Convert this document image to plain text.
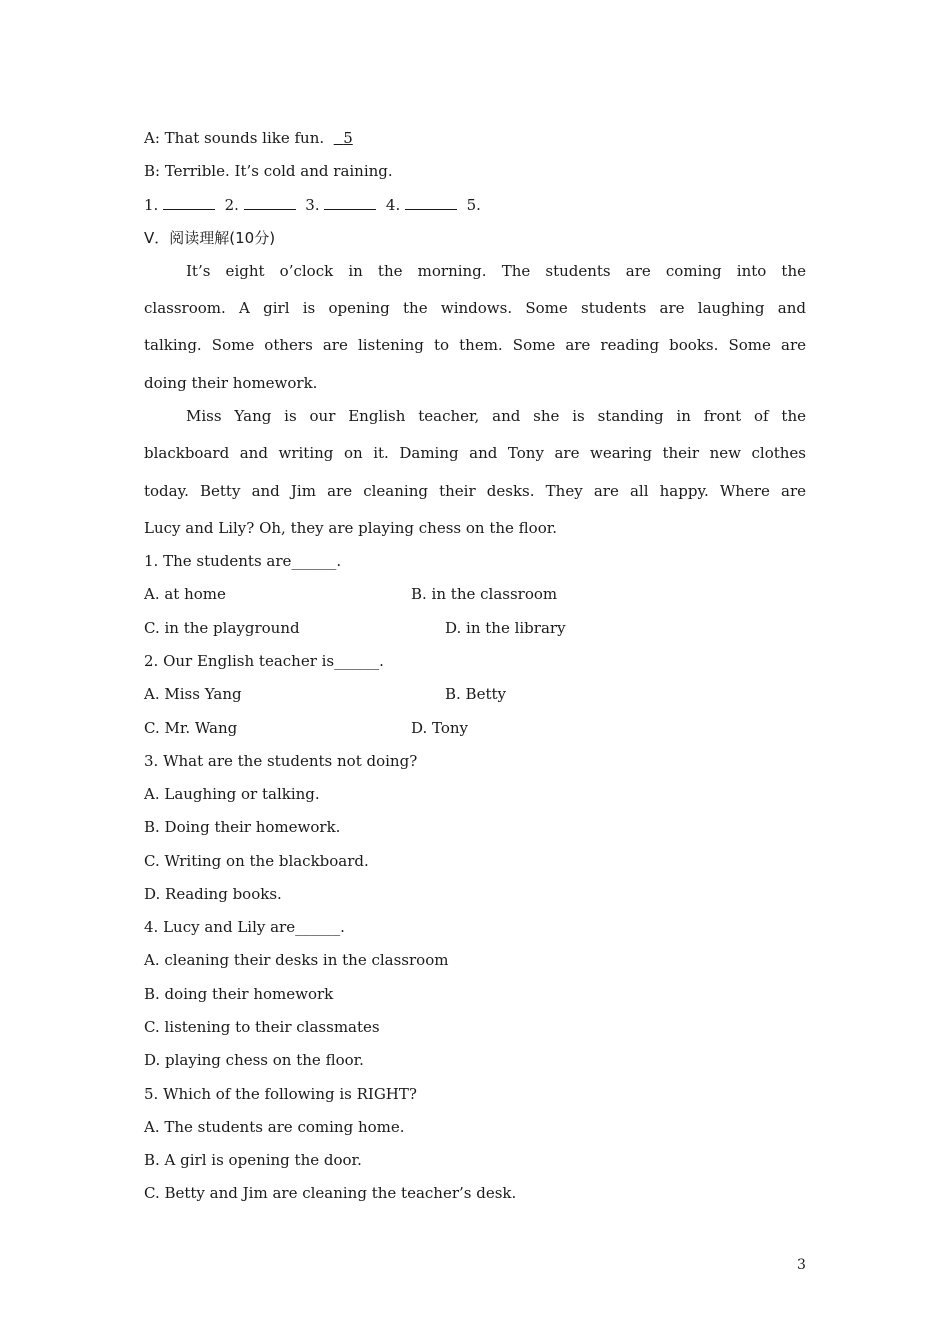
A: That sounds like fun. 5
B: Terrible. It’s cold and raining.
1.	2.	3.	4.	5.
V．阅读理解(10分)
It’s eight o’clock in the morning. The students are coming into the
classroom. A girl is opening the windows. Some students are laughing and
talking. Some others are listening to them. Some are reading books. Some are
doing their homework.
Miss Yang is our English teacher, and she is standing in front of the
blackboard and writing on it. Daming and Tony are wearing their new clothes
today. Betty and Jim are cleaning their desks. They are all happy. Where are
Lucy and Lily? Oh, they are playing chess on the floor.
1. The students are______.
A. at home	B. in the classroom
C. in the playground	D. in the library
2. Our English teacher is______.
A. Miss Yang	B. Betty
C. Mr. Wang	D. Tony
3. What are the students not doing?
A. Laughing or talking.
B. Doing their homework.
C. Writing on the blackboard.
D. Reading books.
4. Lucy and Lily are______.
A. cleaning their desks in the classroom
B. doing their homework
C. listening to their classmates
D. playing chess on the floor.
5. Which of the following is RIGHT?
A. The students are coming home.
B. A girl is opening the door.
C. Betty and Jim are cleaning the teacher’s desk.
3
